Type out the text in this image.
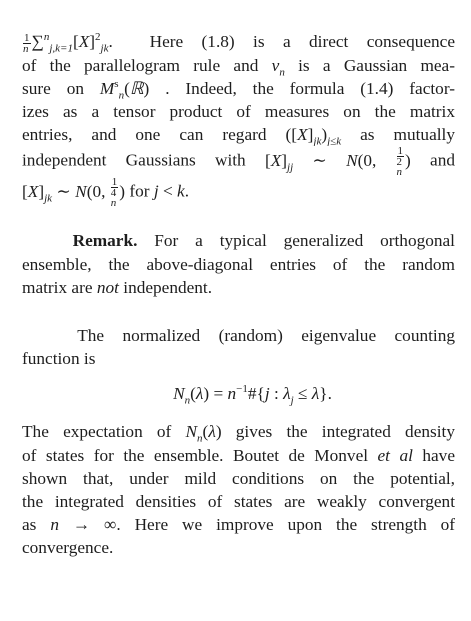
$\frac{1}{n} \sum^n_{j,k=1}[X]^2_{jk}$.  Here (1.8) is a direct consequence
of the parallelogram rule and $\nu_n$ is a Gaussian mea-
sure on $M^s_n(ℝ)$ . Indeed, the formula (1.4) factor-
izes as a tensor product of measures on the matrix
entries, and one can regard $([X]_{jk})_{j\le k}$ as mutually
independent Gaussians with $[X]_{jj}$ ∼ N(0, 1
2
n ) and
$[X]_{jk}$ ∼ N(0, 1
4
n ) for j < k.
Remark. For a typical generalized orthogonal
ensemble, the above-diagonal entries of the random
matrix are not independent.
The normalized (random) eigenvalue counting
function is
$N_n(\lambda)$ = $n^{-1}\#\{j$ : $\lambda_j \le \lambda$}.
The expectation of $N_n(\lambda)$ gives the integrated density
of states for the ensemble. Boutet de Monvel et al have
shown that, under mild conditions on the potential,
the integrated densities of states are weakly convergent
as n → ∞. Here we improve upon the strength of
convergence.
